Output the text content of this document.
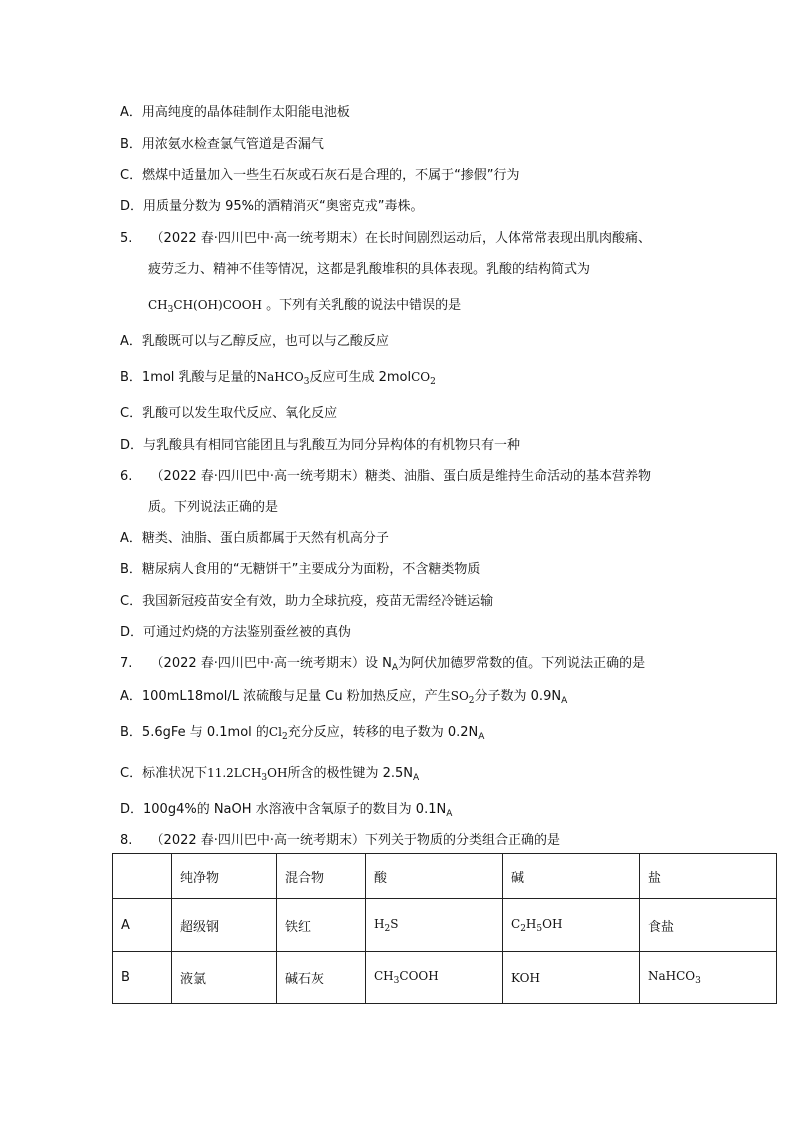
A．用高纯度的晶体硅制作太阳能电池板
B．用浓氨水检查氯气管道是否漏气
C．燃煤中适量加入一些生石灰或石灰石是合理的，不属于“掺假”行为
D．用质量分数为 95%的酒精消灭“奥密克戎”毒株。
5. （2022 春·四川巴中·高一统考期末）在长时间剧烈运动后，人体常常表现出肌肉酸痛、
疲劳乏力、精神不佳等情况，这都是乳酸堆积的具体表现。乳酸的结构简式为
$CH_3CH(OH)COOH$ 。下列有关乳酸的说法中错误的是
A．乳酸既可以与乙醇反应，也可以与乙酸反应
B．1mol 乳酸与足量的NaHCO$_3$反应可生成 2molCO$_2$
C．乳酸可以发生取代反应、氧化反应
D．与乳酸具有相同官能团且与乳酸互为同分异构体的有机物只有一种
6. （2022 春·四川巴中·高一统考期末）糖类、油脂、蛋白质是维持生命活动的基本营养物
质。下列说法正确的是
A．糖类、油脂、蛋白质都属于天然有机高分子
B．糖尿病人食用的“无糖饼干”主要成分为面粉，不含糖类物质
C．我国新冠疫苗安全有效，助力全球抗疫，疫苗无需经冷链运输
D．可通过灼烧的方法鉴别蚕丝被的真伪
7. （2022 春·四川巴中·高一统考期末）设 $N_A$为阿伏加德罗常数的值。下列说法正确的是
A．100mL18mol/L 浓硫酸与足量 Cu 粉加热反应，产生$SO_2$分子数为 $0.9N_A$
B．5.6gFe 与 0.1mol 的$Cl_2$充分反应，转移的电子数为 $0.2N_A$
C．标准状况下$11.2LCH_3OH$所含的极性键为 $2.5N_A$
D．100g4%的 NaOH 水溶液中含氧原子的数目为 $0.1N_A$
8. （2022 春·四川巴中·高一统考期末）下列关于物质的分类组合正确的是
	纯净物	混合物	酸	碱	盐
A	超级钢	铁红	$H_2S$	$C_2H_5OH$	食盐
B	液氯	碱石灰	$CH_3COOH$	KOH	NaHCO$_3$
